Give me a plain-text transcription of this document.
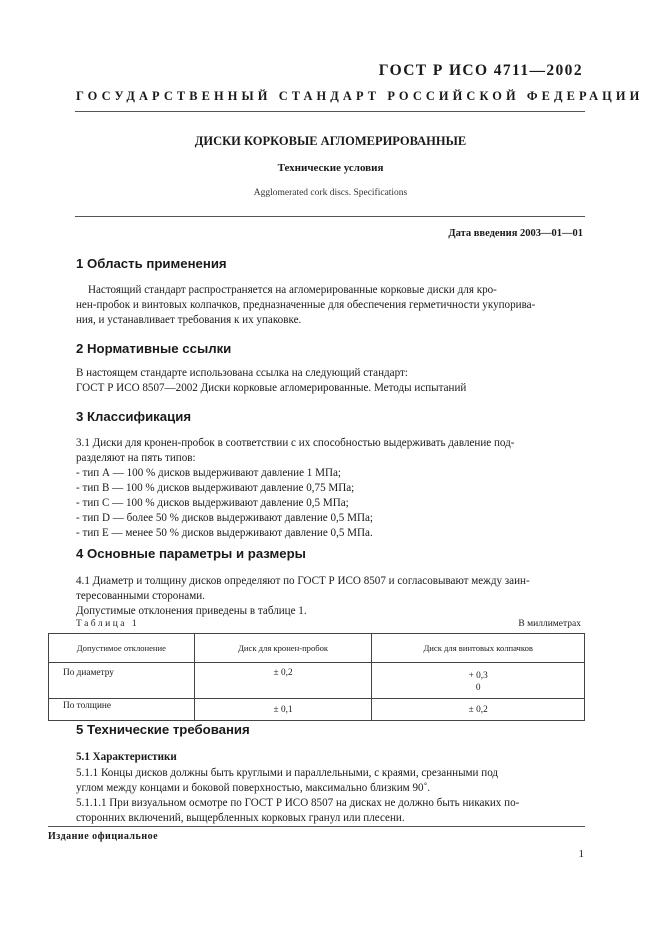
ГОСТ Р ИСО 4711—2002
ГОСУДАРСТВЕННЫЙ СТАНДАРТ РОССИЙСКОЙ ФЕДЕРАЦИИ
ДИСКИ КОРКОВЫЕ АГЛОМЕРИРОВАННЫЕ
Технические условия
Agglomerated cork discs. Specifications
Дата введения 2003—01—01
1 Область применения
Настоящий стандарт распространяется на агломерированные корковые диски для кро-
нен-пробок и винтовых колпачков, предназначенные для обеспечения герметичности укупорива-
ния, и устанавливает требования к их упаковке.
2 Нормативные ссылки
В настоящем стандарте использована ссылка на следующий стандарт:
ГОСТ Р ИСО 8507—2002 Диски корковые агломерированные. Методы испытаний
3 Классификация
3.1 Диски для кронен-пробок в соответствии с их способностью выдерживать давление под-
разделяют на пять типов:
- тип А — 100 % дисков выдерживают давление 1 МПа;
- тип В — 100 % дисков выдерживают давление 0,75 МПа;
- тип С — 100 % дисков выдерживают давление 0,5 МПа;
- тип D — более 50 % дисков выдерживают давление 0,5 МПа;
- тип Е — менее 50 % дисков выдерживают давление 0,5 МПа.
4 Основные параметры и размеры
4.1 Диаметр и толщину дисков определяют по ГОСТ Р ИСО 8507 и согласовывают между заин-
тересованными сторонами.
Допустимые отклонения приведены в таблице 1.
Таблица 1	В миллиметрах
Допустимое отклонение	Диск для кронен-пробок	Диск для винтовых колпачков
По диаметру	± 0,2	+ 0,3
0

По толщине	± 0,1	± 0,2
5 Технические требования
5.1 Характеристики
5.1.1 Концы дисков должны быть круглыми и параллельными, с краями, срезанными под
углом между концами и боковой поверхностью, максимально близким 90˚.
5.1.1.1 При визуальном осмотре по ГОСТ Р ИСО 8507 на дисках не должно быть никаких по-
сторонних включений, выщербленных корковых гранул или плесени.
Издание официальное
1
